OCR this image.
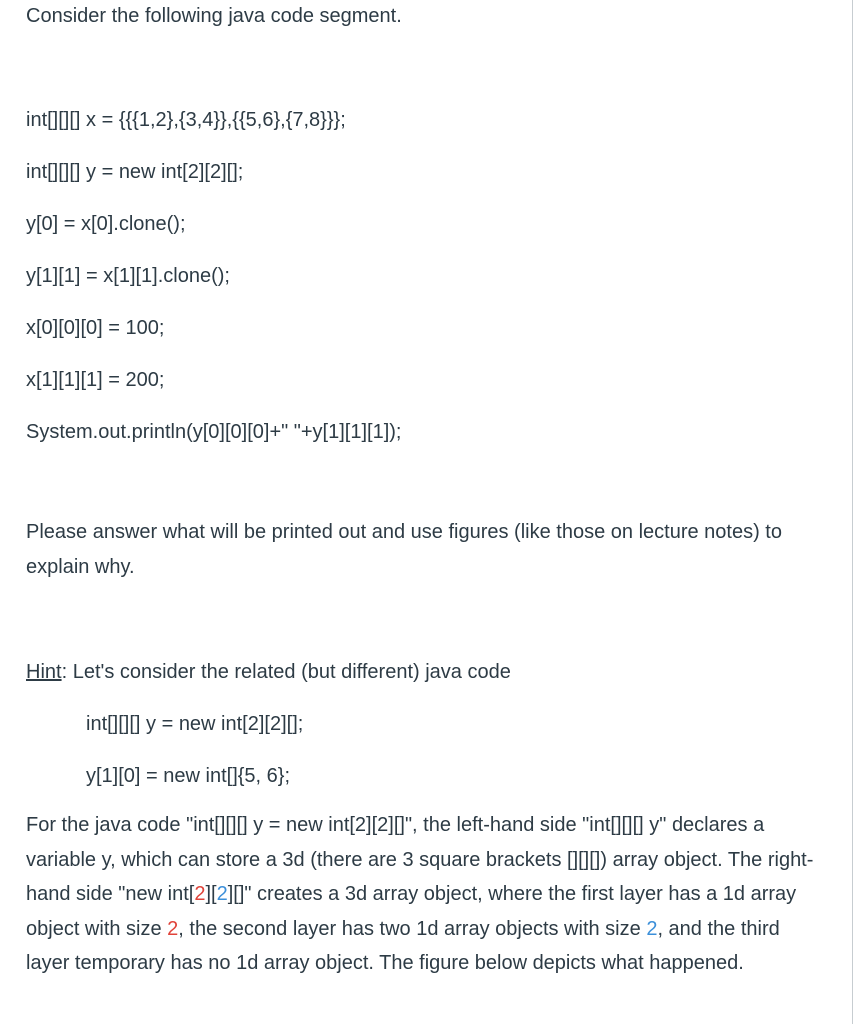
Consider the following java code segment.
int[][][] x = {{{1,2},{3,4}},{{5,6},{7,8}}};
int[][][] y = new int[2][2][];
y[0] = x[0].clone();
y[1][1] = x[1][1].clone();
x[0][0][0] = 100;
x[1][1][1] = 200;
System.out.println(y[0][0][0]+" "+y[1][1][1]);
Please answer what will be printed out and use figures (like those on lecture notes) to explain why.
Hint: Let's consider the related (but different) java code
int[][][] y = new int[2][2][];
y[1][0] = new int[]{5, 6};
For the java code "int[][][] y = new int[2][2][]", the left-hand side "int[][][] y" declares a variable y, which can store a 3d (there are 3 square brackets [][][]) array object. The right-hand side "new int[2][2][]" creates a 3d array object, where the first layer has a 1d array object with size 2, the second layer has two 1d array objects with size 2, and the third layer temporary has no 1d array object. The figure below depicts what happened.
